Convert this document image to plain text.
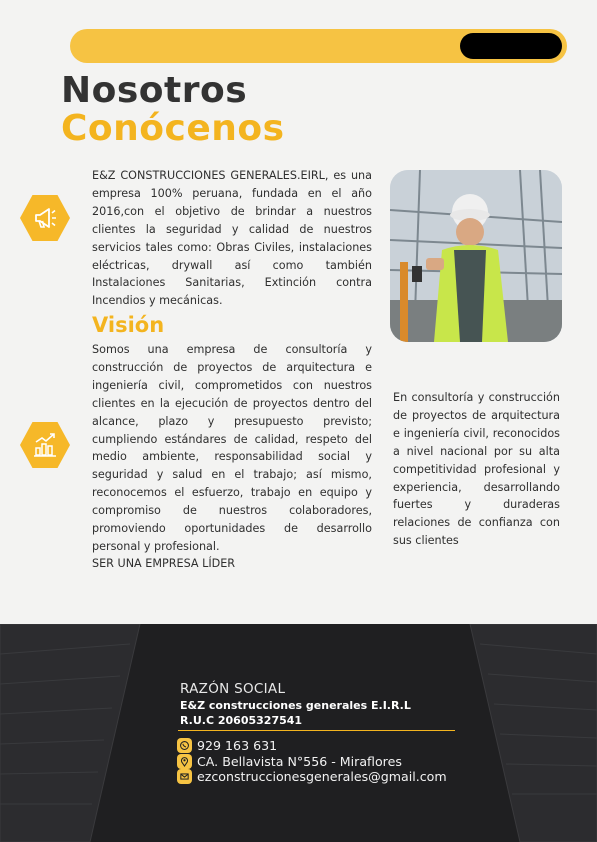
Nosotros
Conócenos
E&Z CONSTRUCCIONES GENERALES.EIRL, es una empresa 100% peruana, fundada en el año 2016,con el objetivo de brindar a nuestros clientes la seguridad y calidad de nuestros servicios tales como: Obras Civiles, instalaciones eléctricas, drywall así como también Instalaciones Sanitarias, Extinción contra Incendios y mecánicas.
Visión
Somos una empresa de consultoría y construcción de proyectos de arquitectura e ingeniería civil, comprometidos con nuestros clientes en la ejecución de proyectos dentro del alcance, plazo y presupuesto previsto; cumpliendo estándares de calidad, respeto del medio ambiente, responsabilidad social y seguridad y salud en el trabajo; así mismo, reconocemos el esfuerzo, trabajo en equipo y compromiso de nuestros colaboradores, promoviendo oportunidades de desarrollo personal y profesional.
SER UNA EMPRESA LÍDER
En consultoría y construcción de proyectos de arquitectura e ingeniería civil, reconocidos a nivel nacional por su alta competitividad profesional y experiencia, desarrollando fuertes y duraderas relaciones de confianza con sus clientes
RAZÓN SOCIAL
E&Z construcciones generales E.I.R.L
R.U.C 20605327541
929 163 631
CA. Bellavista N°556 - Miraflores
ezconstruccionesgenerales@gmail.com
